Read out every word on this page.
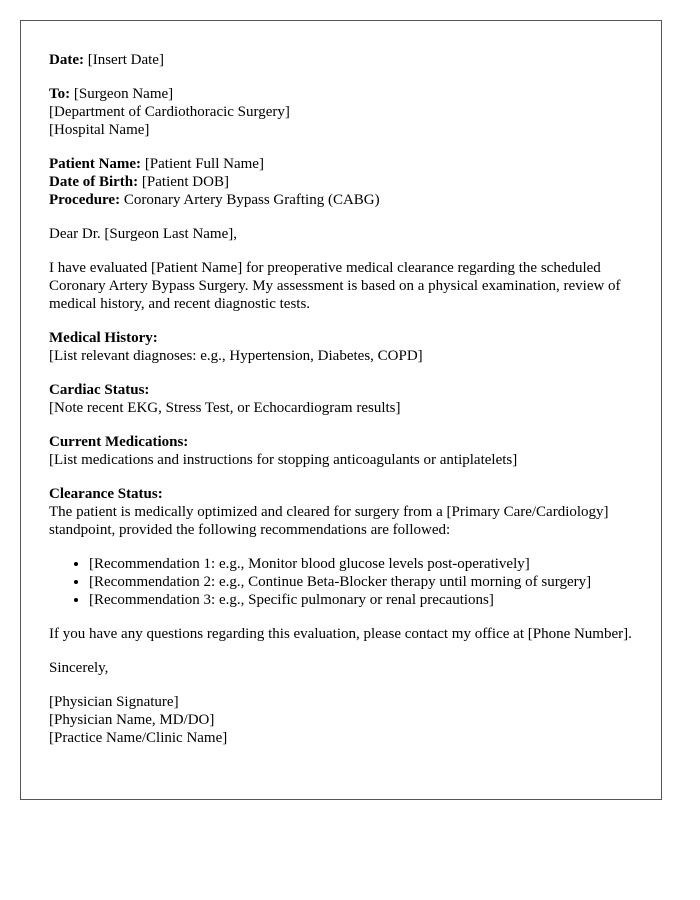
Date: [Insert Date]
To: [Surgeon Name]
[Department of Cardiothoracic Surgery]
[Hospital Name]
Patient Name: [Patient Full Name]
Date of Birth: [Patient DOB]
Procedure: Coronary Artery Bypass Grafting (CABG)

Dear Dr. [Surgeon Last Name],

I have evaluated [Patient Name] for preoperative medical clearance regarding the scheduled Coronary Artery Bypass Surgery. My assessment is based on a physical examination, review of medical history, and recent diagnostic tests.

Medical History:
[List relevant diagnoses: e.g., Hypertension, Diabetes, COPD]
Cardiac Status:
[Note recent EKG, Stress Test, or Echocardiogram results]
Current Medications:
[List medications and instructions for stopping anticoagulants or antiplatelets]
Clearance Status:
The patient is medically optimized and cleared for surgery from a [Primary Care/Cardiology] standpoint, provided the following recommendations are followed:
• [Recommendation 1: e.g., Monitor blood glucose levels post-operatively]
• [Recommendation 2: e.g., Continue Beta-Blocker therapy until morning of surgery]
• [Recommendation 3: e.g., Specific pulmonary or renal precautions]

If you have any questions regarding this evaluation, please contact my office at [Phone Number].

Sincerely,

[Physician Signature]
[Physician Name, MD/DO]
[Practice Name/Clinic Name]
